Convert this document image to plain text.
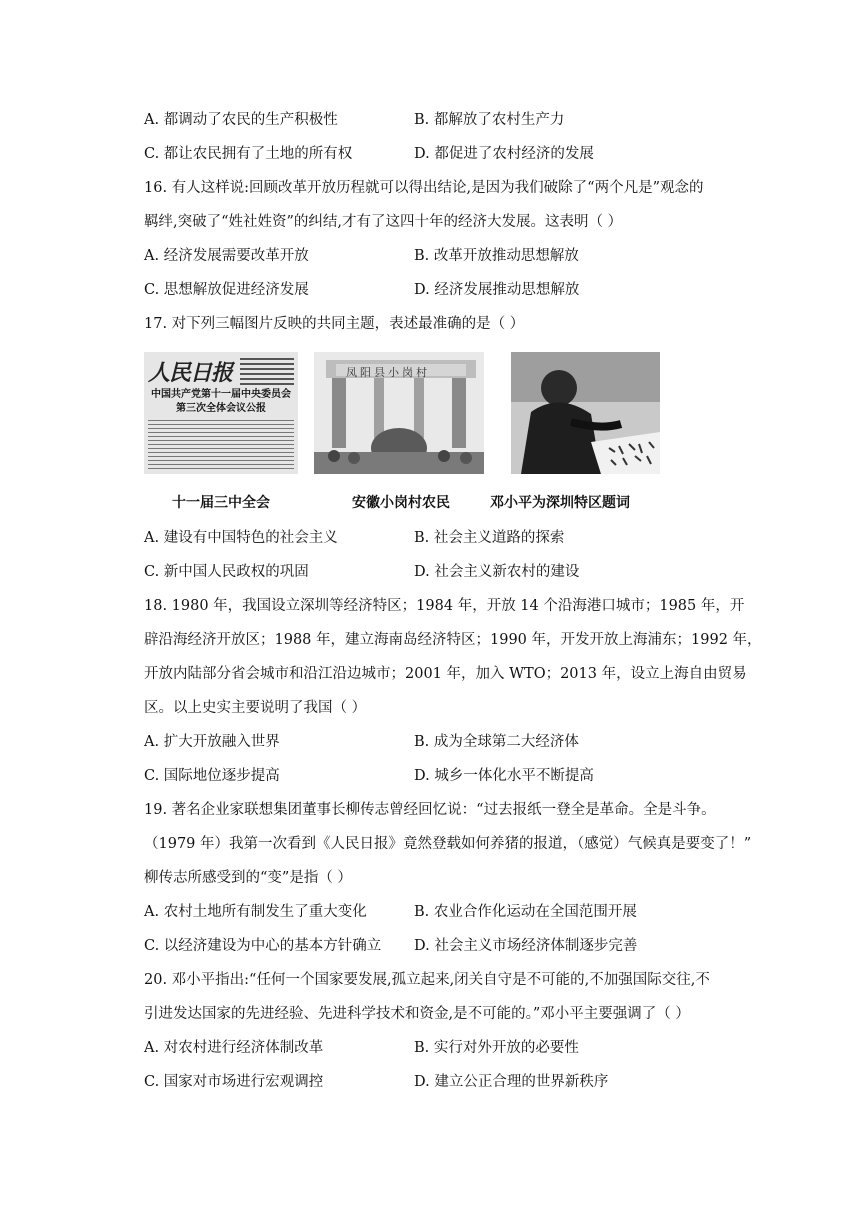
A. 都调动了农民的生产积极性	B. 都解放了农村生产力
C. 都让农民拥有了土地的所有权	D. 都促进了农村经济的发展
16. 有人这样说:回顾改革开放历程就可以得出结论,是因为我们破除了“两个凡是”观念的
羁绊,突破了“姓社姓资”的纠结,才有了这四十年的经济大发展。这表明（ ）
A. 经济发展需要改革开放	B. 改革开放推动思想解放
C. 思想解放促进经济发展	D. 经济发展推动思想解放
17. 对下列三幅图片反映的共同主题，表述最准确的是（ ）
人民日报
中国共产党第十一届中央委员会第三次全体会议公报
凤阳县小岗村
十一届三中全会	安徽小岗村农民	邓小平为深圳特区题词
A. 建设有中国特色的社会主义	B. 社会主义道路的探索
C. 新中国人民政权的巩固	D. 社会主义新农村的建设
18. 1980 年，我国设立深圳等经济特区；1984 年，开放 14 个沿海港口城市；1985 年，开
辟沿海经济开放区；1988 年，建立海南岛经济特区；1990 年，开发开放上海浦东；1992 年，
开放内陆部分省会城市和沿江沿边城市；2001 年，加入 WTO；2013 年，设立上海自由贸易
区。以上史实主要说明了我国（ ）
A. 扩大开放融入世界	B. 成为全球第二大经济体
C. 国际地位逐步提高	D. 城乡一体化水平不断提高
19. 著名企业家联想集团董事长柳传志曾经回忆说：“过去报纸一登全是革命。全是斗争。
（1979 年）我第一次看到《人民日报》竟然登载如何养猪的报道，（感觉）气候真是要变了！”
柳传志所感受到的“变”是指（ ）
A. 农村土地所有制发生了重大变化	B. 农业合作化运动在全国范围开展
C. 以经济建设为中心的基本方针确立 D. 社会主义市场经济体制逐步完善
20. 邓小平指出:“任何一个国家要发展,孤立起来,闭关自守是不可能的,不加强国际交往,不
引进发达国家的先进经验、先进科学技术和资金,是不可能的。”邓小平主要强调了（ ）
A. 对农村进行经济体制改革	B. 实行对外开放的必要性
C. 国家对市场进行宏观调控	D. 建立公正合理的世界新秩序
